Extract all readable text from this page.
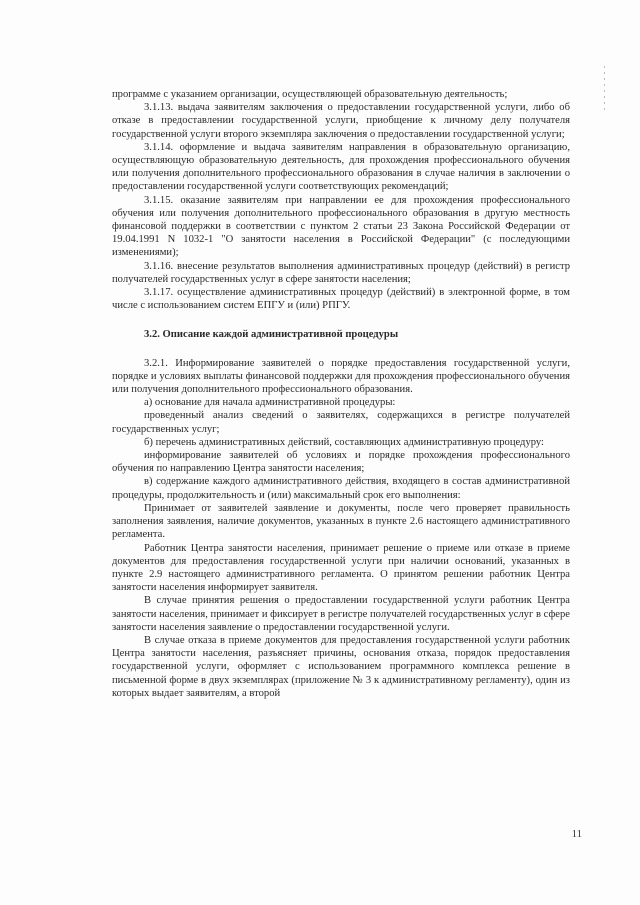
программе с указанием организации, осуществляющей образовательную деятельность;

3.1.13. выдача заявителям заключения о предоставлении государственной услуги, либо об отказе в предоставлении государственной услуги, приобщение к личному делу получателя государственной услуги второго экземпляра заключения о предоставлении государственной услуги;

3.1.14. оформление и выдача заявителям направления в образовательную организацию, осуществляющую образовательную деятельность, для прохождения профессионального обучения или получения дополнительного профессионального образования в случае наличия в заключении о предоставлении государственной услуги соответствующих рекомендаций;

3.1.15. оказание заявителям при направлении ее для прохождения профессионального обучения или получения дополнительного профессионального образования в другую местность финансовой поддержки в соответствии с пунктом 2 статьи 23 Закона Российской Федерации от 19.04.1991 N 1032-1 "О занятости населения в Российской Федерации" (с последующими изменениями);

3.1.16. внесение результатов выполнения административных процедур (действий) в регистр получателей государственных услуг в сфере занятости населения;

3.1.17. осуществление административных процедур (действий) в электронной форме, в том числе с использованием систем ЕПГУ и (или) РПГУ.

3.2. Описание каждой административной процедуры

3.2.1. Информирование заявителей о порядке предоставления государственной услуги, порядке и условиях выплаты финансовой поддержки для прохождения профессионального обучения или получения дополнительного профессионального образования.

а) основание для начала административной процедуры:

проведенный анализ сведений о заявителях, содержащихся в регистре получателей государственных услуг;

б) перечень административных действий, составляющих административную процедуру:

информирование заявителей об условиях и порядке прохождения профессионального обучения по направлению Центра занятости населения;

в) содержание каждого административного действия, входящего в состав административной процедуры, продолжительность и (или) максимальный срок его выполнения:

Принимает от заявителей заявление и документы, после чего проверяет правильность заполнения заявления, наличие документов, указанных в пункте 2.6 настоящего административного регламента.

Работник Центра занятости населения, принимает решение о приеме или отказе в приеме документов для предоставления государственной услуги при наличии оснований, указанных в пункте 2.9 настоящего административного регламента. О принятом решении работник Центра занятости населения информирует заявителя.

В случае принятия решения о предоставлении государственной услуги работник Центра занятости населения, принимает и фиксирует в регистре получателей государственных услуг в сфере занятости населения заявление о предоставлении государственной услуги.

В случае отказа в приеме документов для предоставления государственной услуги работник Центра занятости населения, разъясняет причины, основания отказа, порядок предоставления государственной услуги, оформляет с использованием программного комплекса решение в письменной форме в двух экземплярах (приложение № 3 к административному регламенту), один из которых выдает заявителям, а второй

11
